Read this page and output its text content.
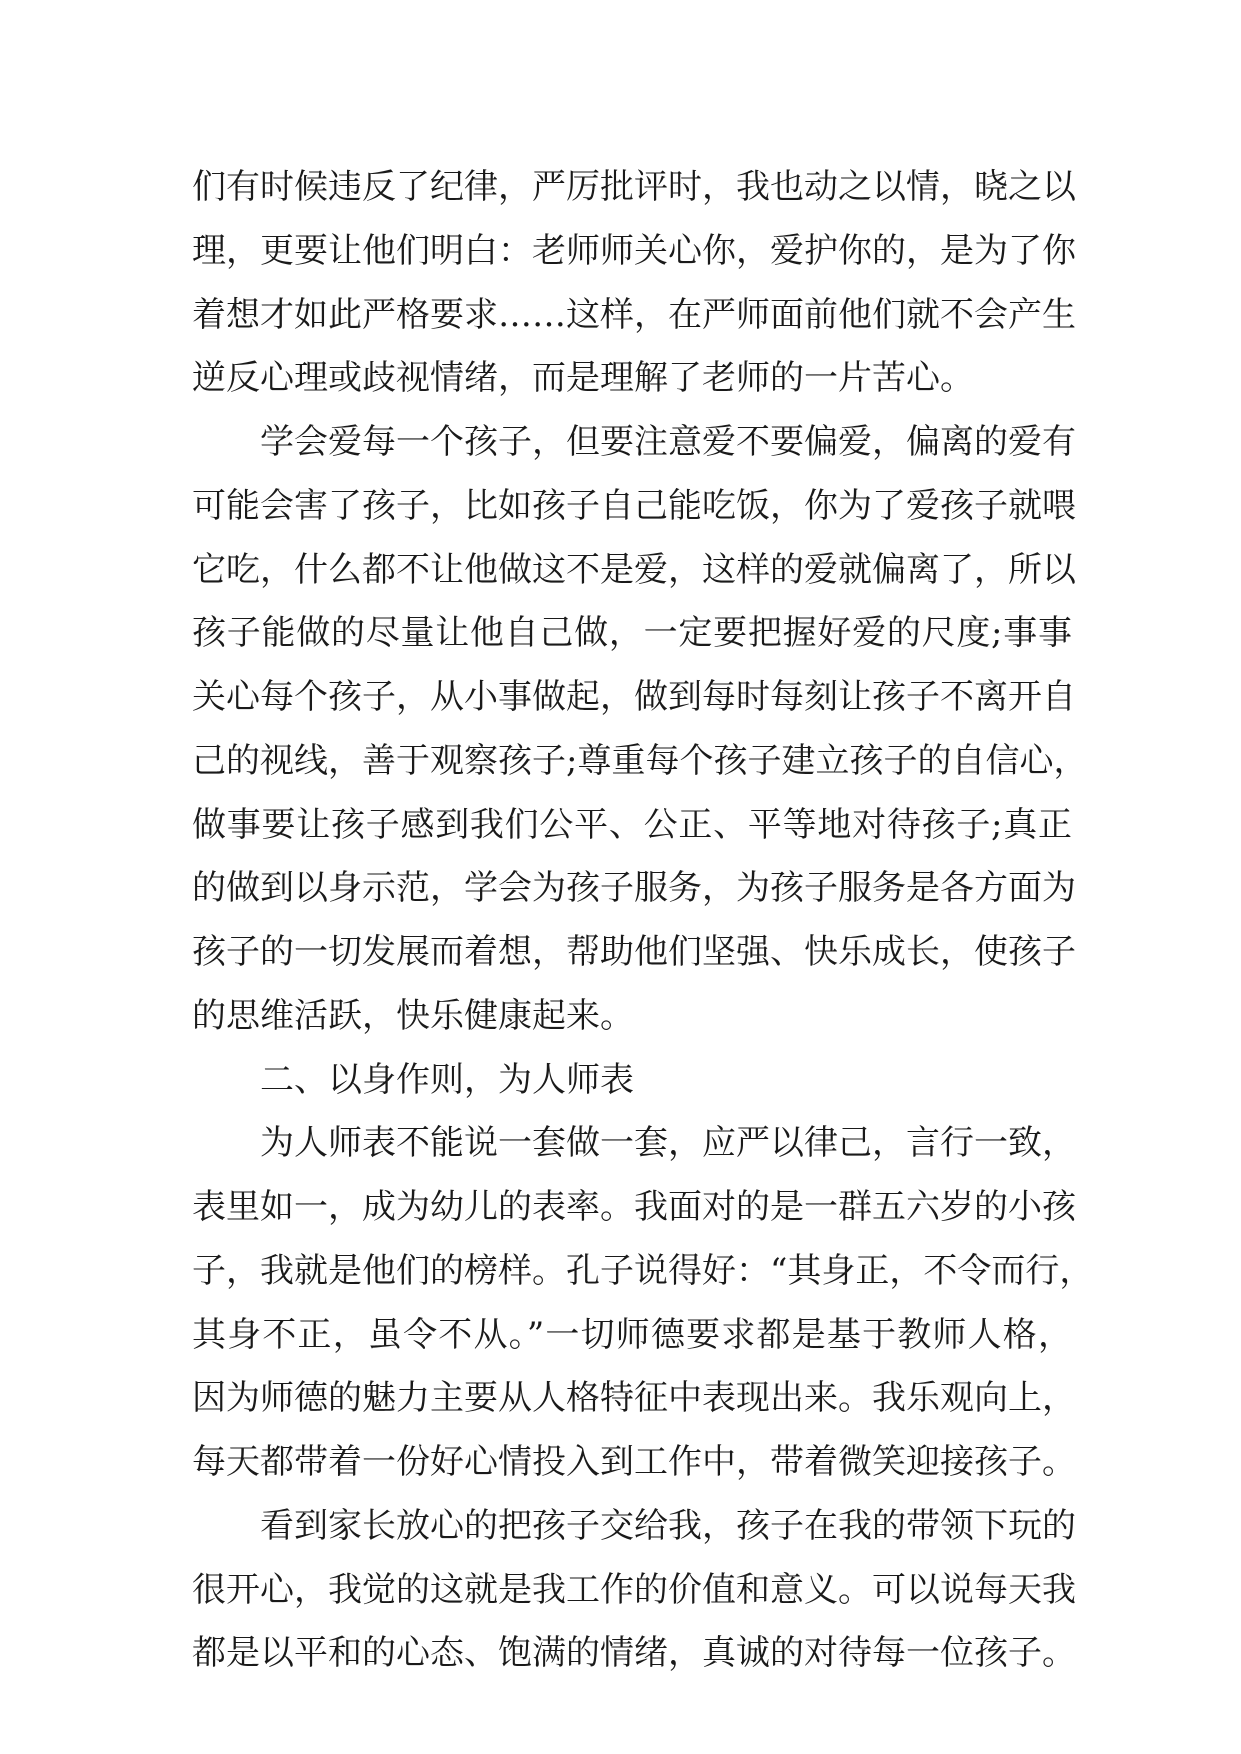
们有时候违反了纪律，严厉批评时，我也动之以情，晓之以
理，更要让他们明白：老师师关心你，爱护你的，是为了你
着想才如此严格要求……这样，在严师面前他们就不会产生
逆反心理或歧视情绪，而是理解了老师的一片苦心。
学会爱每一个孩子，但要注意爱不要偏爱，偏离的爱有
可能会害了孩子，比如孩子自己能吃饭，你为了爱孩子就喂
它吃，什么都不让他做这不是爱，这样的爱就偏离了，所以
孩子能做的尽量让他自己做，一定要把握好爱的尺度;事事
关心每个孩子，从小事做起，做到每时每刻让孩子不离开自
己的视线，善于观察孩子;尊重每个孩子建立孩子的自信心，
做事要让孩子感到我们公平、公正、平等地对待孩子;真正
的做到以身示范，学会为孩子服务，为孩子服务是各方面为
孩子的一切发展而着想，帮助他们坚强、快乐成长，使孩子
的思维活跃，快乐健康起来。
二、以身作则，为人师表
为人师表不能说一套做一套，应严以律己，言行一致，
表里如一，成为幼儿的表率。我面对的是一群五六岁的小孩
子，我就是他们的榜样。孔子说得好：“其身正，不令而行，
其身不正，虽令不从。”一切师德要求都是基于教师人格，
因为师德的魅力主要从人格特征中表现出来。我乐观向上，
每天都带着一份好心情投入到工作中，带着微笑迎接孩子。
看到家长放心的把孩子交给我，孩子在我的带领下玩的
很开心，我觉的这就是我工作的价值和意义。可以说每天我
都是以平和的心态、饱满的情绪，真诚的对待每一位孩子。
